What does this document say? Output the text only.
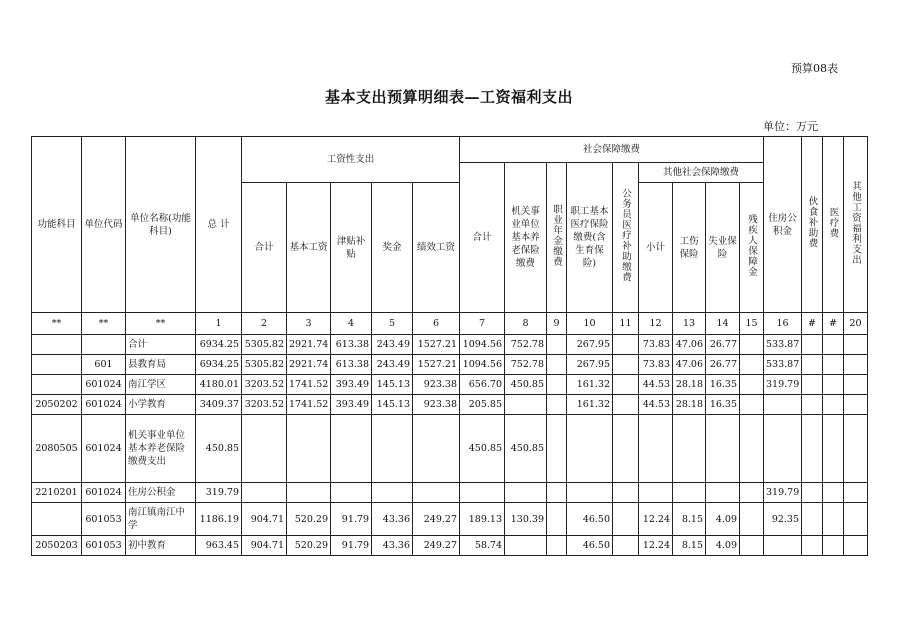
预算08表
基本支出预算明细表—工资福利支出
单位：万元
功能科目	单位代码	单位名称(功能科目)	总 计	工资性支出					社会保障缴费									住房公积金	伙食补助费	医疗费	其他工资福利支出
									合计	机关事业单位基本养老保险缴费	职业年金缴费	职工基本医疗保险缴费(含生育保险)	公务员医疗补助缴费	其他社会保障缴费							
				合计	基本工资	津贴补贴	奖金	绩效工资						小计	工伤保险	失业保险	残疾人保障金				
**	**	**	1	2	3	4	5	6	7	8	9	10	11	12	13	14	15	16	#	#	20
		合计	6934.25	5305.82	2921.74	613.38	243.49	1527.21	1094.56	752.78		267.95		73.83	47.06	26.77		533.87			
	601	县教育局	6934.25	5305.82	2921.74	613.38	243.49	1527.21	1094.56	752.78		267.95		73.83	47.06	26.77		533.87			
	601024	南江学区	4180.01	3203.52	1741.52	393.49	145.13	923.38	656.70	450.85		161.32		44.53	28.18	16.35		319.79			
2050202	601024	小学教育	3409.37	3203.52	1741.52	393.49	145.13	923.38	205.85			161.32		44.53	28.18	16.35					
2080505	601024	机关事业单位基本养老保险缴费支出	450.85						450.85	450.85											
2210201	601024	住房公积金	319.79															319.79			
	601053	南江镇南江中学	1186.19	904.71	520.29	91.79	43.36	249.27	189.13	130.39		46.50		12.24	8.15	4.09		92.35			
2050203	601053	初中教育	963.45	904.71	520.29	91.79	43.36	249.27	58.74			46.50		12.24	8.15	4.09					
